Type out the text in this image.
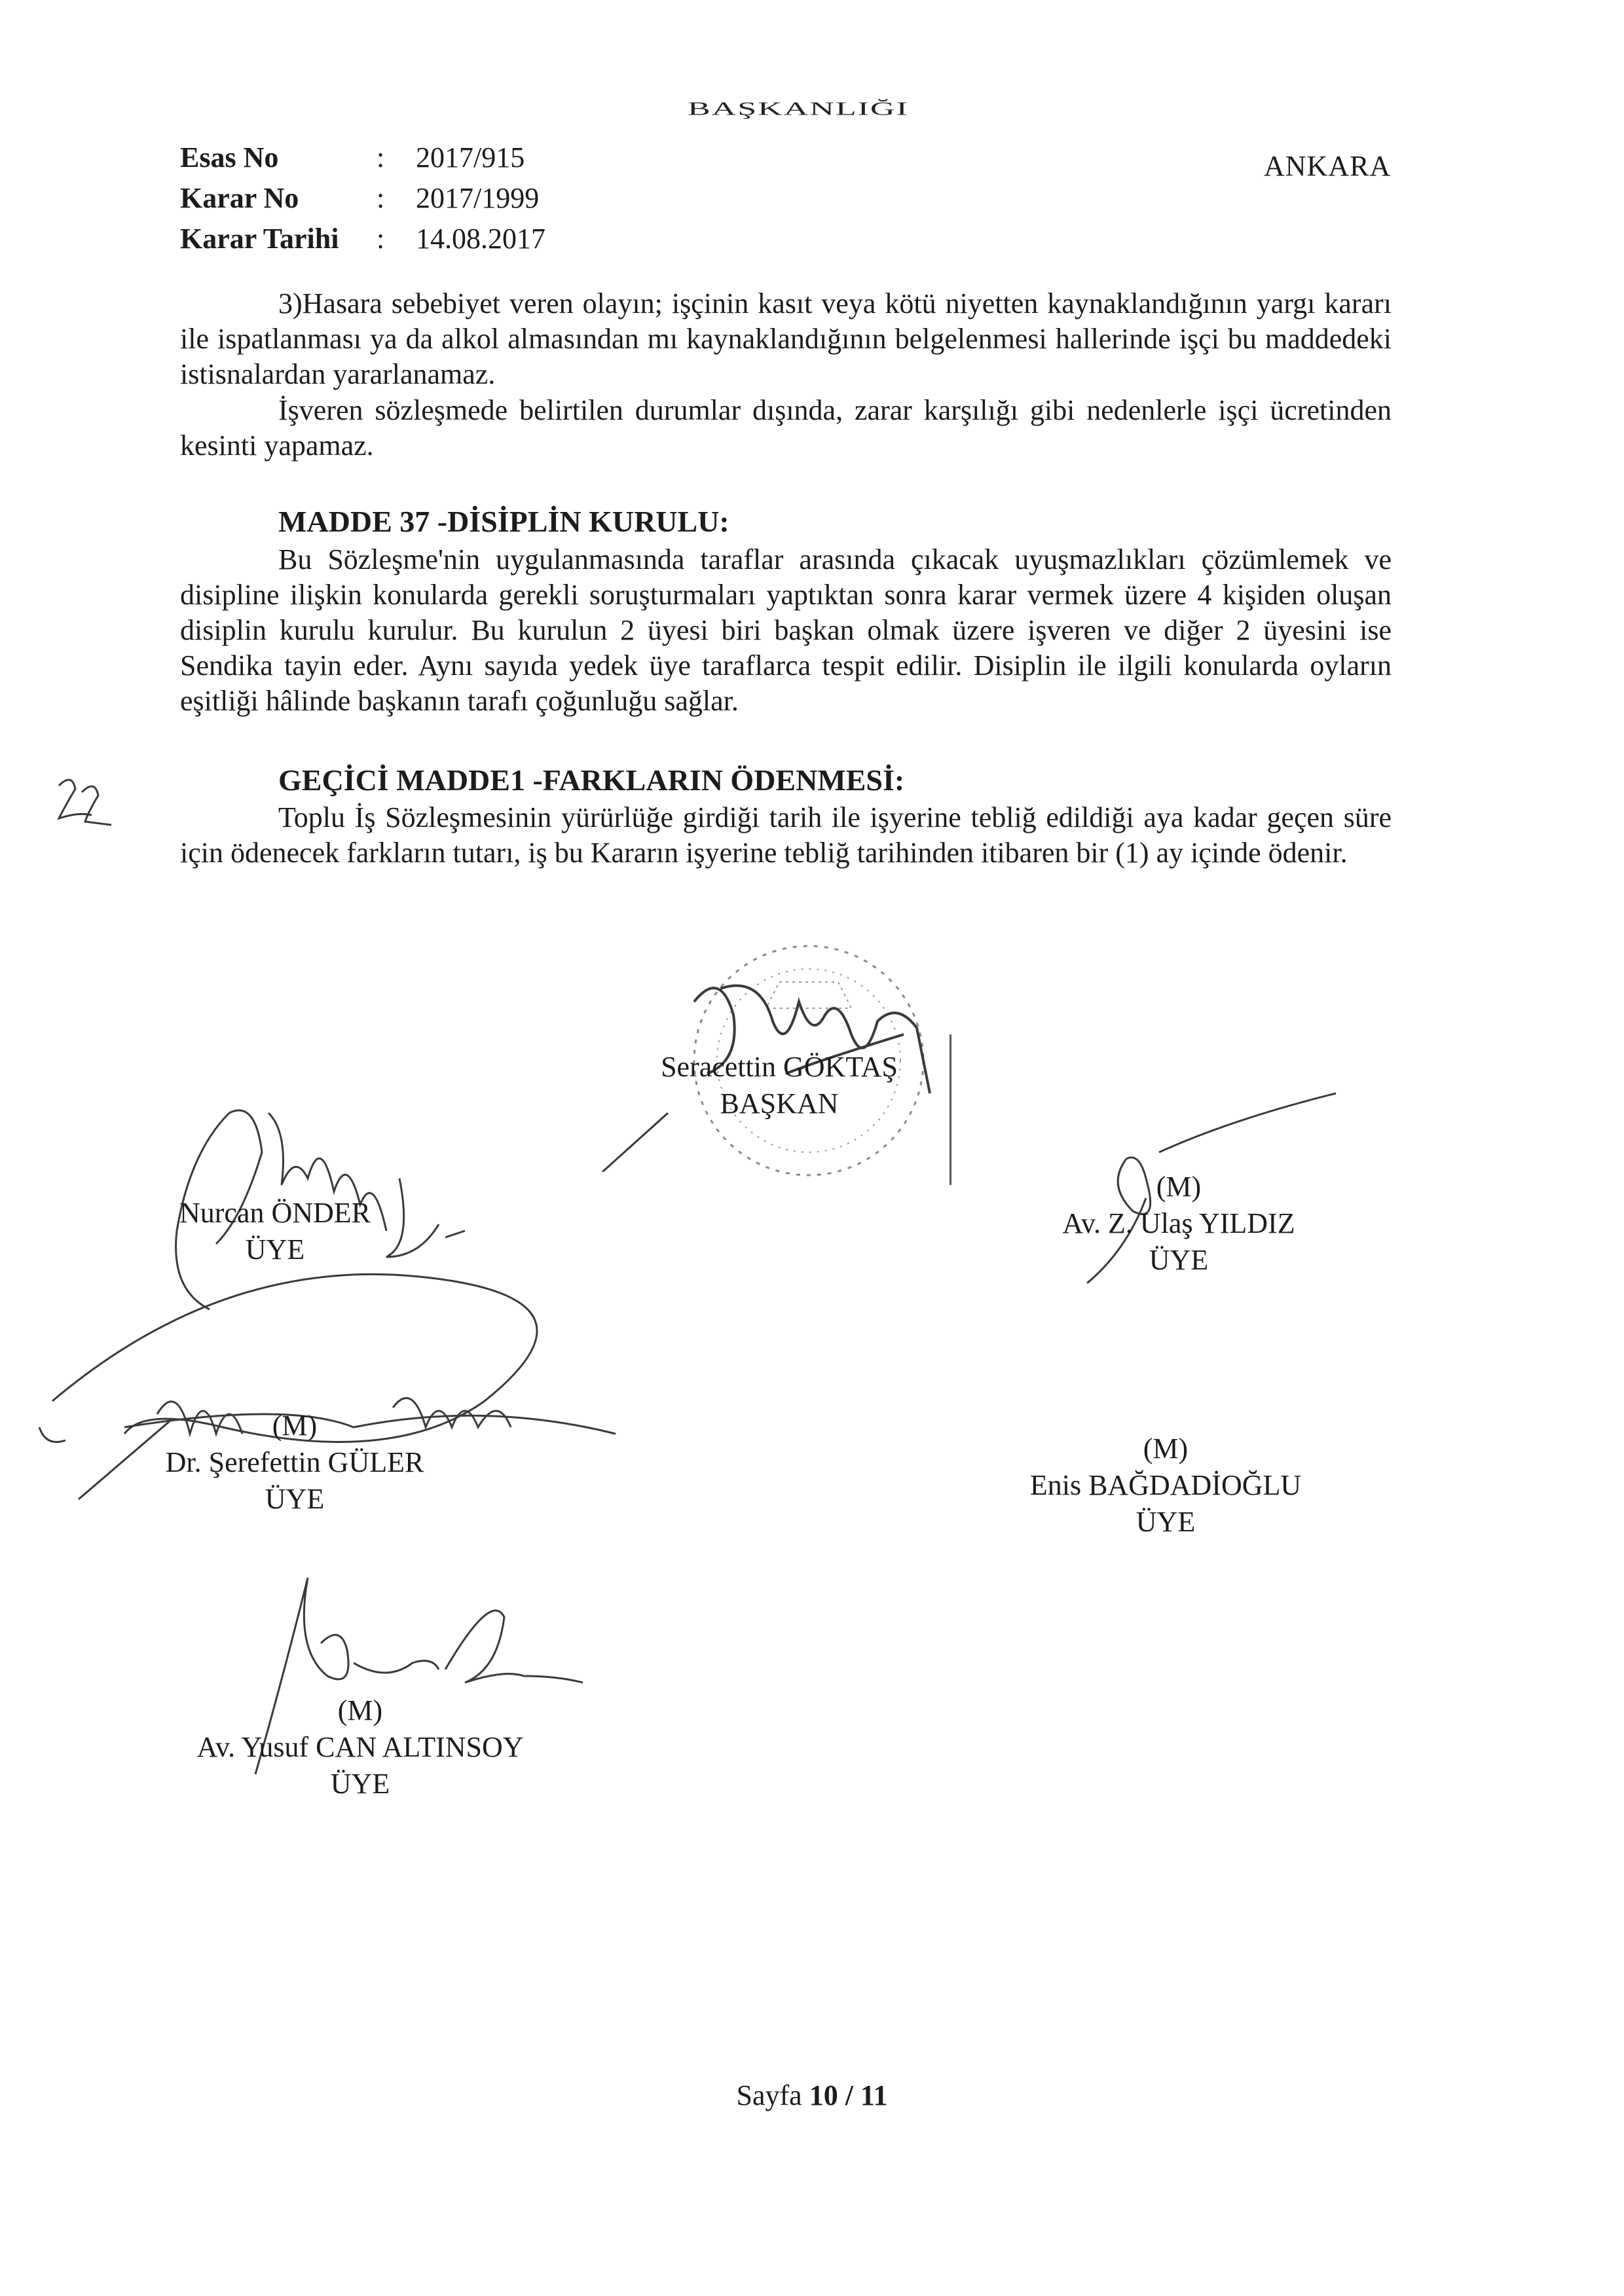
BAŞKANLIĞI
Esas No	:	2017/915
Karar No	:	2017/1999
Karar Tarihi	:	14.08.2017
ANKARA
3)Hasara sebebiyet veren olayın; işçinin kasıt veya kötü niyetten kaynaklandığının yargı kararı ile ispatlanması ya da alkol almasından mı kaynaklandığının belgelenmesi hallerinde işçi bu maddedeki istisnalardan yararlanamaz.
İşveren sözleşmede belirtilen durumlar dışında, zarar karşılığı gibi nedenlerle işçi ücretinden kesinti yapamaz.
MADDE 37 -DİSİPLİN KURULU:
Bu Sözleşme'nin uygulanmasında taraflar arasında çıkacak uyuşmazlıkları çözümlemek ve disipline ilişkin konularda gerekli soruşturmaları yaptıktan sonra karar vermek üzere 4 kişiden oluşan disiplin kurulu kurulur. Bu kurulun 2 üyesi biri başkan olmak üzere işveren ve diğer 2 üyesini ise Sendika tayin eder. Aynı sayıda yedek üye taraflarca tespit edilir. Disiplin ile ilgili konularda oyların eşitliği hâlinde başkanın tarafı çoğunluğu sağlar.
GEÇİCİ MADDE1 -FARKLARIN ÖDENMESİ:
Toplu İş Sözleşmesinin yürürlüğe girdiği tarih ile işyerine tebliğ edildiği aya kadar geçen süre için ödenecek farkların tutarı, iş bu Kararın işyerine tebliğ tarihinden itibaren bir (1) ay içinde ödenir.
Seracettin GÖKTAŞ
BAŞKAN
Nurcan ÖNDER
ÜYE
(M)
Av. Z. Ulaş YILDIZ
ÜYE
(M)
Dr. Şerefettin GÜLER
ÜYE
(M)
Enis BAĞDADİOĞLU
ÜYE
(M)
Av. Yusuf CAN ALTINSOY
ÜYE
Sayfa 10 / 11
